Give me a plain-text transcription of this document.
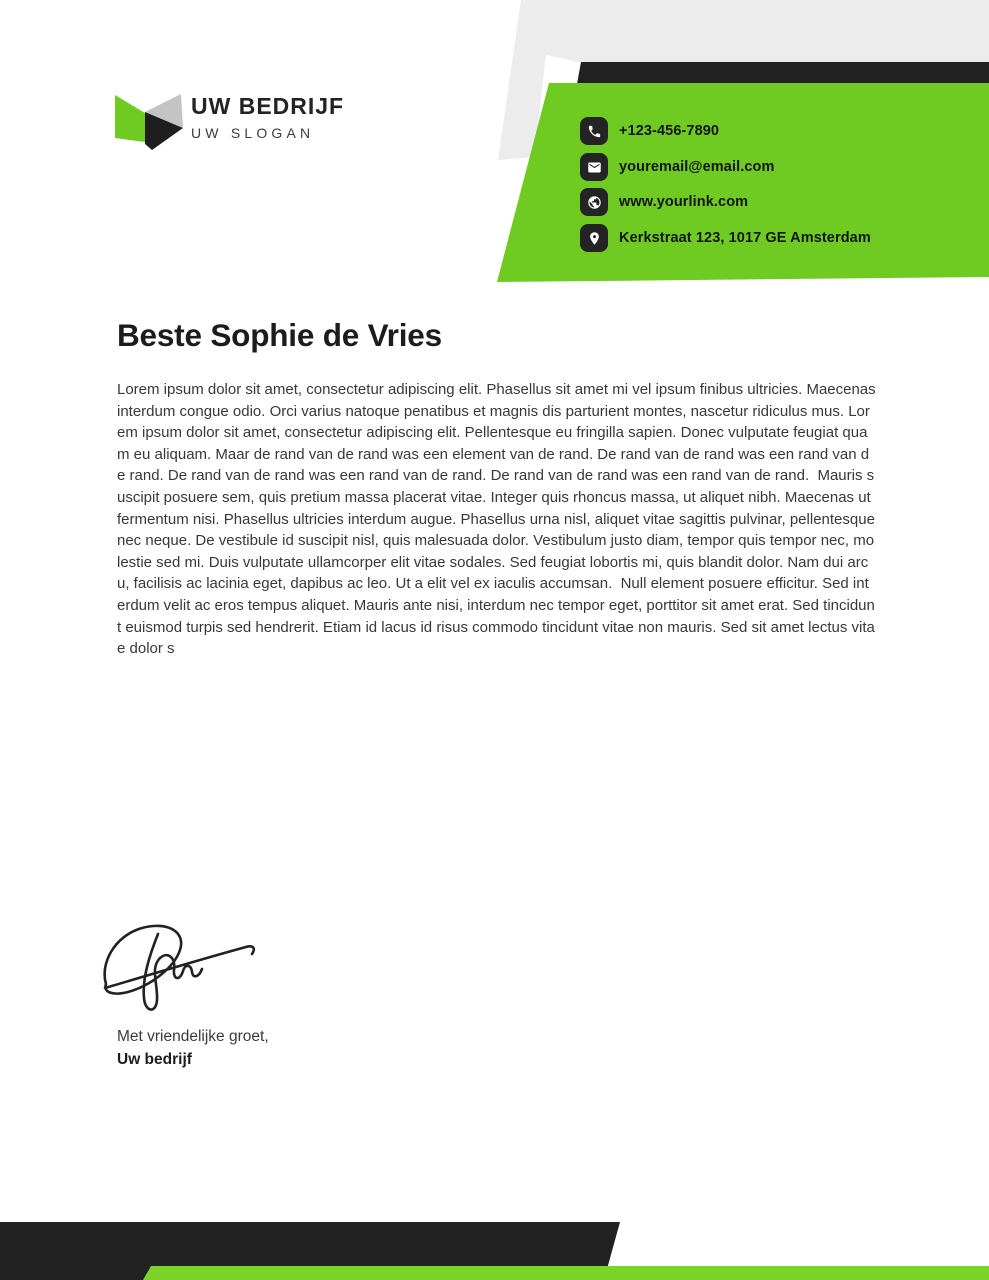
+123-456-7890
youremail@email.com
www.yourlink.com
Kerkstraat 123, 1017 GE Amsterdam
UW BEDRIJF
UW SLOGAN
Beste Sophie de Vries
Lorem ipsum dolor sit amet, consectetur adipiscing elit. Phasellus sit amet mi vel ipsum finibus ultricies. Maecenas interdum congue odio. Orci varius natoque penatibus et magnis dis parturient montes, nascetur ridiculus mus. Lorem ipsum dolor sit amet, consectetur adipiscing elit. Pellentesque eu fringilla sapien. Donec vulputate feugiat quam eu aliquam. Maar de rand van de rand was een element van de rand. De rand van de rand was een rand van de rand. De rand van de rand was een rand van de rand. De rand van de rand was een rand van de rand.  Mauris suscipit posuere sem, quis pretium massa placerat vitae. Integer quis rhoncus massa, ut aliquet nibh. Maecenas ut fermentum nisi. Phasellus ultricies interdum augue. Phasellus urna nisl, aliquet vitae sagittis pulvinar, pellentesque nec neque. De vestibule id suscipit nisl, quis malesuada dolor. Vestibulum justo diam, tempor quis tempor nec, molestie sed mi. Duis vulputate ullamcorper elit vitae sodales. Sed feugiat lobortis mi, quis blandit dolor. Nam dui arcu, facilisis ac lacinia eget, dapibus ac leo. Ut a elit vel ex iaculis accumsan.  Null element posuere efficitur. Sed interdum velit ac eros tempus aliquet. Mauris ante nisi, interdum nec tempor eget, porttitor sit amet erat. Sed tincidunt euismod turpis sed hendrerit. Etiam id lacus id risus commodo tincidunt vitae non mauris. Sed sit amet lectus vitae dolor s
Met vriendelijke groet,
Uw bedrijf
